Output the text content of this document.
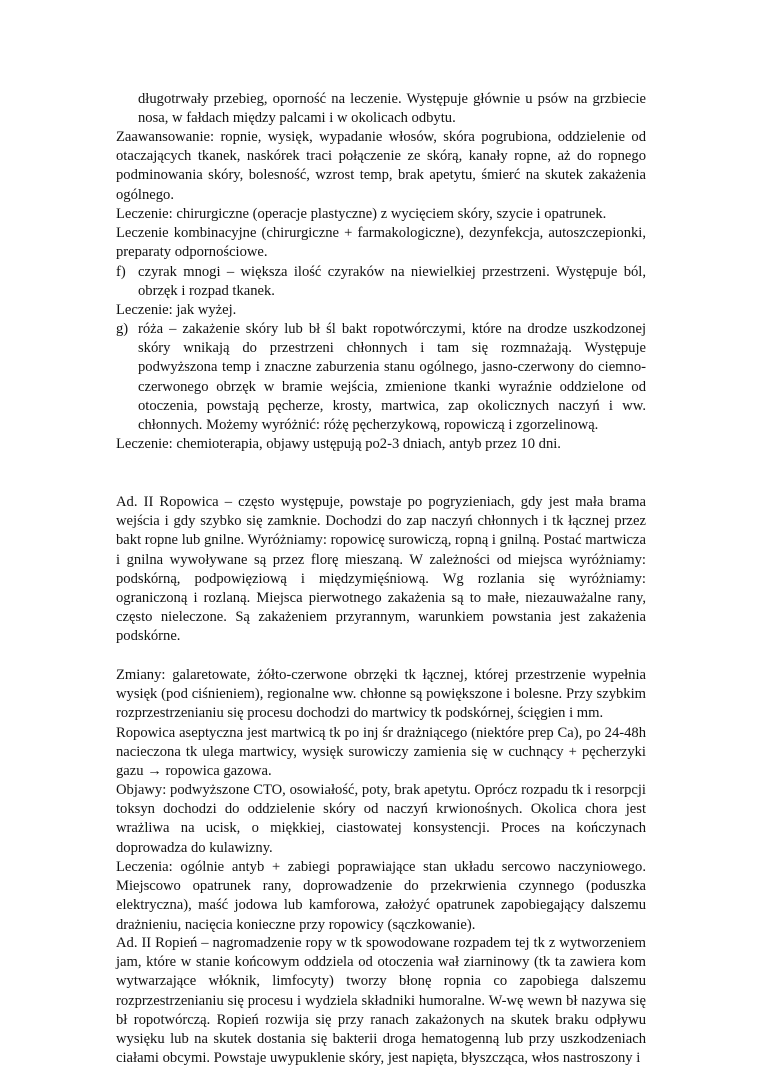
długotrwały przebieg, oporność na leczenie. Występuje głównie u psów na grzbiecie nosa, w fałdach między palcami i w okolicach odbytu.

Zaawansowanie: ropnie, wysięk, wypadanie włosów, skóra pogrubiona, oddzielenie od otaczających tkanek, naskórek traci połączenie ze skórą, kanały ropne, aż do ropnego podminowania skóry, bolesność, wzrost temp, brak apetytu, śmierć na skutek zakażenia ogólnego.

Leczenie: chirurgiczne (operacje plastyczne) z wycięciem skóry, szycie i opatrunek.

Leczenie kombinacyjne (chirurgiczne + farmakologiczne), dezynfekcja, autoszczepionki, preparaty odpornościowe.

f) czyrak mnogi – większa ilość czyraków na niewielkiej przestrzeni. Występuje ból, obrzęk i rozpad tkanek.

Leczenie: jak wyżej.

g) róża – zakażenie skóry lub bł śl bakt ropotwórczymi, które na drodze uszkodzonej skóry wnikają do przestrzeni chłonnych i tam się rozmnażają. Występuje podwyższona temp i znaczne zaburzenia stanu ogólnego, jasno-czerwony do ciemno-czerwonego obrzęk w bramie wejścia, zmienione tkanki wyraźnie oddzielone od otoczenia, powstają pęcherze, krosty, martwica, zap okolicznych naczyń i ww. chłonnych. Możemy wyróżnić: różę pęcherzykową, ropowiczą i zgorzelinową.

Leczenie: chemioterapia, objawy ustępują po2-3 dniach, antyb przez 10 dni.

Ad. II Ropowica – często występuje, powstaje po pogryzieniach, gdy jest mała brama wejścia i gdy szybko się zamknie. Dochodzi do zap naczyń chłonnych i tk łącznej przez bakt ropne lub gnilne. Wyróżniamy: ropowicę surowiczą, ropną i gnilną. Postać martwicza i gnilna wywoływane są przez florę mieszaną. W zależności od miejsca wyróżniamy: podskórną, podpowięziową i międzymięśniową. Wg rozlania się wyróżniamy: ograniczoną i rozlaną. Miejsca pierwotnego zakażenia są to małe, niezauważalne rany, często nieleczone. Są zakażeniem przyrannym, warunkiem powstania jest zakażenia podskórne.

Zmiany: galaretowate, żółto-czerwone obrzęki tk łącznej, której przestrzenie wypełnia wysięk (pod ciśnieniem), regionalne ww. chłonne są powiększone i bolesne. Przy szybkim rozprzestrzenianiu się procesu dochodzi do martwicy tk podskórnej, ścięgien i mm.

Ropowica aseptyczna jest martwicą tk po inj śr drażniącego (niektóre prep Ca), po 24-48h nacieczona tk ulega martwicy, wysięk surowiczy zamienia się w cuchnący + pęcherzyki gazu → ropowica gazowa.

Objawy: podwyższone CTO, osowiałość, poty, brak apetytu. Oprócz rozpadu tk i resorpcji toksyn dochodzi do oddzielenie skóry od naczyń krwionośnych. Okolica chora jest wrażliwa na ucisk, o miękkiej, ciastowatej konsystencji. Proces na kończynach doprowadza do kulawizny.

Leczenia: ogólnie antyb + zabiegi poprawiające stan układu sercowo naczyniowego. Miejscowo opatrunek rany, doprowadzenie do przekrwienia czynnego (poduszka elektryczna), maść jodowa lub kamforowa, założyć opatrunek zapobiegający dalszemu drażnieniu, nacięcia konieczne przy ropowicy (sączkowanie).

Ad. II Ropień – nagromadzenie ropy w tk spowodowane rozpadem tej tk z wytworzeniem jam, które w stanie końcowym oddziela od otoczenia wał ziarninowy (tk ta zawiera kom wytwarzające włóknik, limfocyty) tworzy błonę ropnia co zapobiega dalszemu rozprzestrzenianiu się procesu i wydziela składniki humoralne. W-wę wewn bł nazywa się bł ropotwórczą. Ropień rozwija się przy ranach zakażonych na skutek braku odpływu wysięku lub na skutek dostania się bakterii droga hematogenną lub przy uszkodzeniach ciałami obcymi. Powstaje uwypuklenie skóry, jest napięta, błyszcząca, włos nastroszony i
